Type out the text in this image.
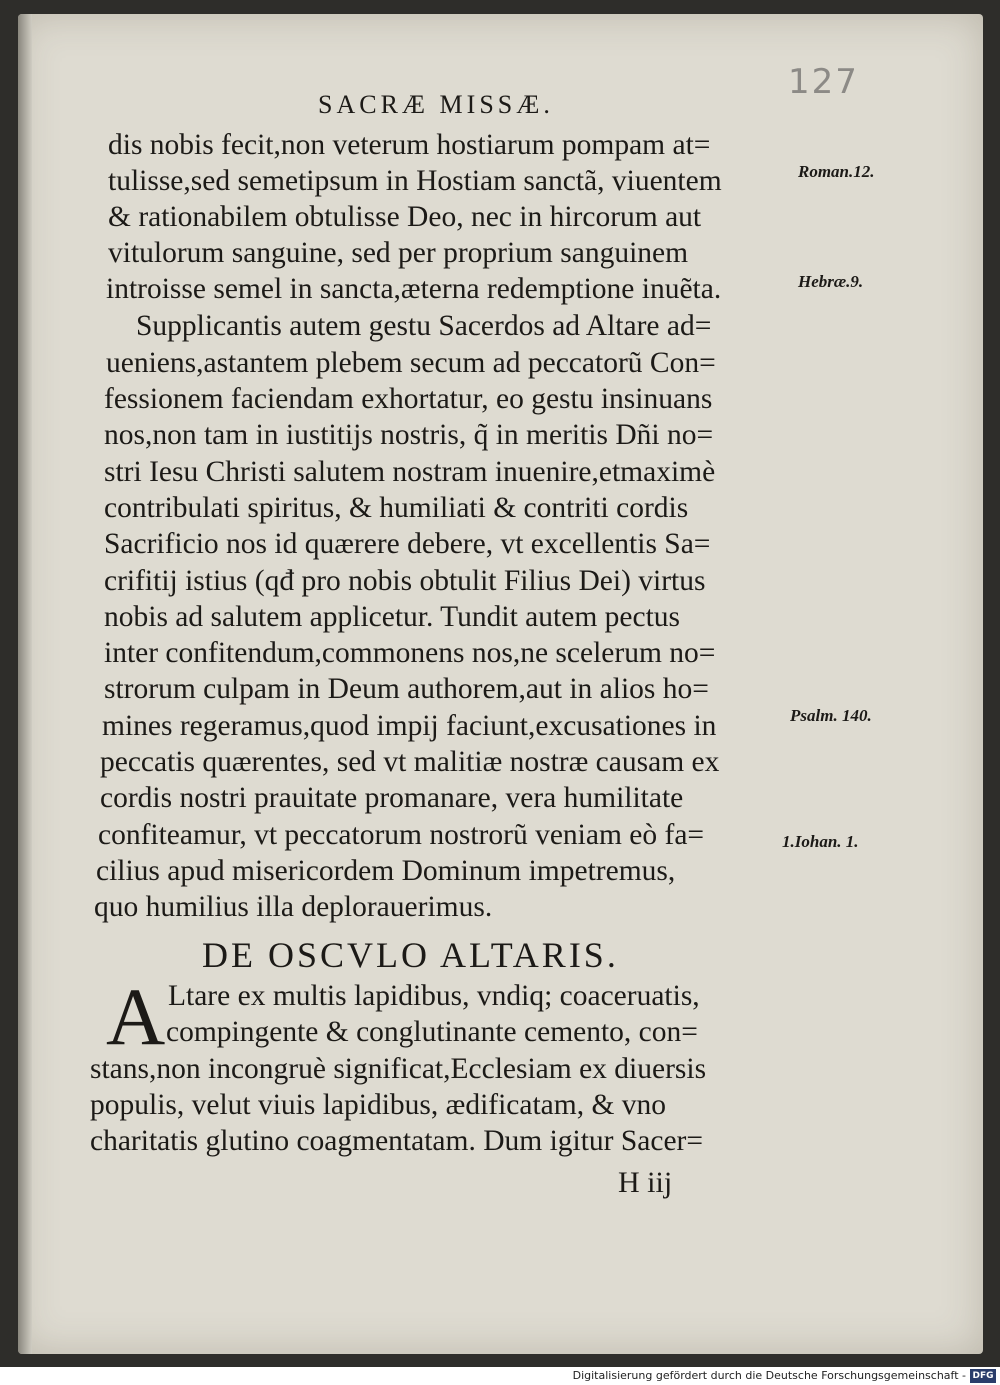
127
SACRÆ MISSÆ.
dis nobis fecit,non veterum hostiarum pompam at=
tulisse,sed semetipsum in Hostiam sanctã, viuentem
& rationabilem obtulisse Deo, nec in hircorum aut
vitulorum sanguine, sed per proprium sanguinem
introisse semel in sancta,æterna redemptione inuẽta.
Supplicantis autem gestu Sacerdos ad Altare ad=
ueniens,astantem plebem secum ad peccatorũ Con=
fessionem faciendam exhortatur, eo gestu insinuans
nos,non tam in iustitijs nostris, q̃ in meritis Dñi no=
stri Iesu Christi salutem nostram inuenire,etmaximè
contribulati spiritus, & humiliati & contriti cordis
Sacrificio nos id quærere debere, vt excellentis Sa=
crifitij istius (qđ pro nobis obtulit Filius Dei) virtus
nobis ad salutem applicetur. Tundit autem pectus
inter confitendum,commonens nos,ne scelerum no=
strorum culpam in Deum authorem,aut in alios ho=
mines regeramus,quod impij faciunt,excusationes in
peccatis quærentes, sed vt malitiæ nostræ causam ex
cordis nostri prauitate promanare, vera humilitate
confiteamur, vt peccatorum nostrorũ veniam eò fa=
cilius apud misericordem Dominum impetremus,
quo humilius illa deplorauerimus.
Roman.12.
Hebræ.9.
Psalm. 140.
1.Iohan. 1.
DE OSCVLO ALTARIS.
A Ltare ex multis lapidibus, vndiq; coaceruatis,
compingente & conglutinante cemento, con=
stans,non incongruè significat,Ecclesiam ex diuersis
populis, velut viuis lapidibus, ædificatam, & vno
charitatis glutino coagmentatam. Dum igitur Sacer=
H iij
Digitalisierung gefördert durch die Deutsche Forschungsgemeinschaft - DFG
